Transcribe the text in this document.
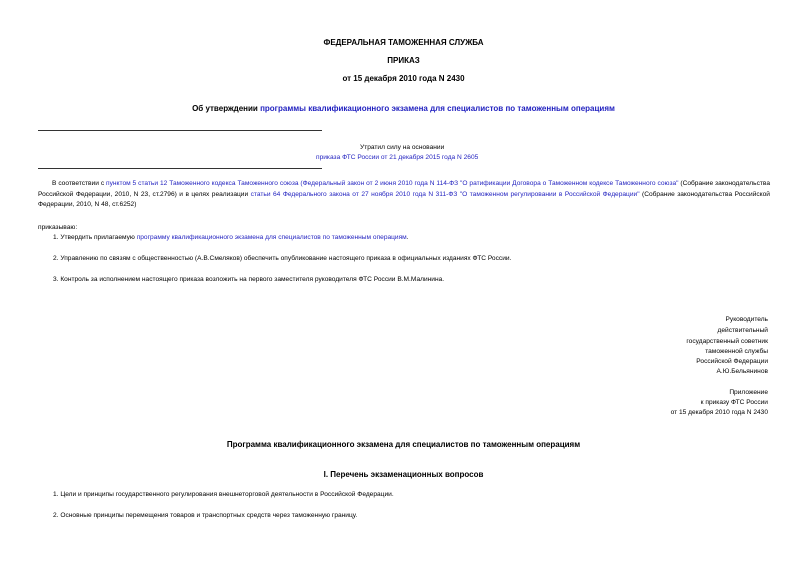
ФЕДЕРАЛЬНАЯ ТАМОЖЕННАЯ СЛУЖБА
ПРИКАЗ
от 15 декабря 2010 года N 2430
Об утверждении программы квалификационного экзамена для специалистов по таможенным операциям
Утратил силу на основании
приказа ФТС России от 21 декабря 2015 года N 2605
В соответствии с пунктом 5 статьи 12 Таможенного кодекса Таможенного союза (Федеральный закон от 2 июня 2010 года N 114-ФЗ "О ратификации Договора о Таможенном кодексе Таможенного союза" (Собрание законодательства Российской Федерации, 2010, N 23, ст.2796) и в целях реализации статьи 64 Федерального закона от 27 ноября 2010 года N 311-ФЗ "О таможенном регулировании в Российской Федерации" (Собрание законодательства Российской Федерации, 2010, N 48, ст.6252)
приказываю:
1. Утвердить прилагаемую программу квалификационного экзамена для специалистов по таможенным операциям.
2. Управлению по связям с общественностью (А.В.Смеляков) обеспечить опубликование настоящего приказа в официальных изданиях ФТС России.
3. Контроль за исполнением настоящего приказа возложить на первого заместителя руководителя ФТС России В.М.Малинина.
Руководитель
действительный
государственный советник
таможенной службы
Российской Федерации
А.Ю.Бельянинов
Приложение
к приказу ФТС России
от 15 декабря 2010 года N 2430
Программа квалификационного экзамена для специалистов по таможенным операциям
I. Перечень экзаменационных вопросов
1. Цели и принципы государственного регулирования внешнеторговой деятельности в Российской Федерации.
2. Основные принципы перемещения товаров и транспортных средств через таможенную границу.
